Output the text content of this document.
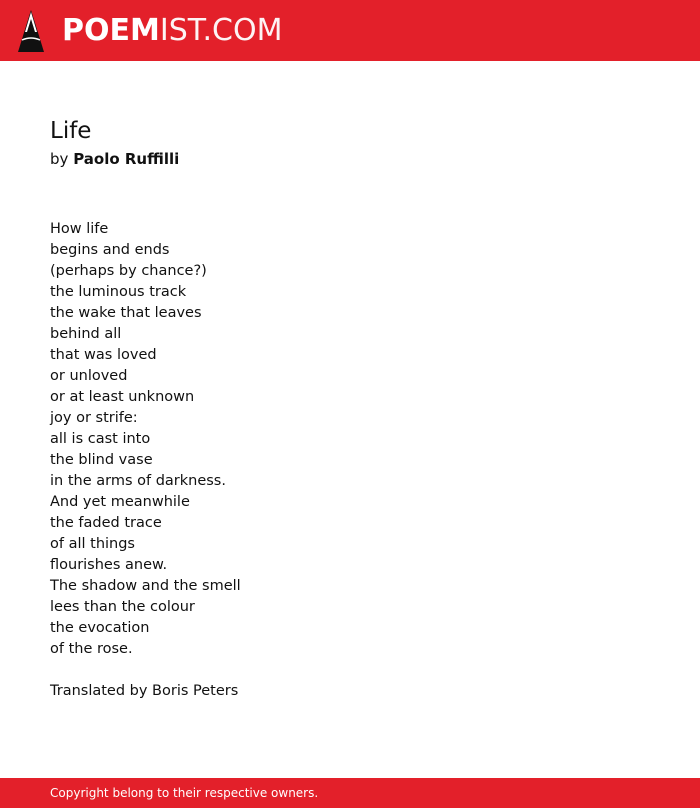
POEMIST.COM
Life
by Paolo Ruffilli
How life
begins and ends
(perhaps by chance?)
the luminous track
the wake that leaves
behind all
that was loved
or unloved
or at least unknown
joy or strife:
all is cast into
the blind vase
in the arms of darkness.
And yet meanwhile
the faded trace
of all things
flourishes anew.
The shadow and the smell
lees than the colour
the evocation
of the rose.
Translated by Boris Peters
Copyright belong to their respective owners.
